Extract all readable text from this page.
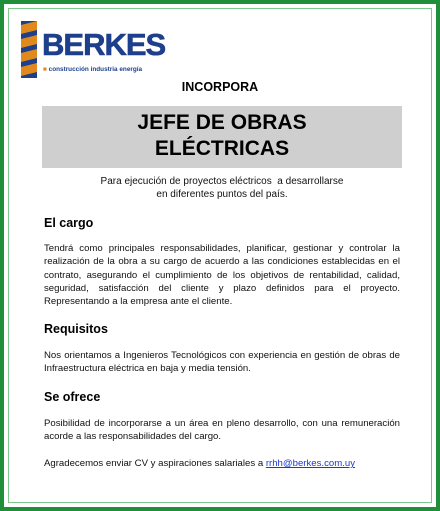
BERKES
■ construcción industria energía
INCORPORA
JEFE DE OBRAS
ELÉCTRICAS
Para ejecución de proyectos eléctricos  a desarrollarse
en diferentes puntos del país.
El cargo

Tendrá como principales responsabilidades, planificar, gestionar y controlar la realización de la obra a su cargo de acuerdo a las condiciones establecidas en el contrato, asegurando el cumplimiento de los objetivos de rentabilidad, calidad, seguridad, satisfacción del cliente y plazo definidos para el proyecto. Representando a la empresa ante el cliente.

Requisitos

Nos orientamos a Ingenieros Tecnológicos con experiencia en gestión de obras de Infraestructura eléctrica en baja y media tensión.

Se ofrece

Posibilidad de incorporarse a un área en pleno desarrollo, con una remuneración acorde a las responsabilidades del cargo.

Agradecemos enviar CV y aspiraciones salariales a rrhh@berkes.com.uy
